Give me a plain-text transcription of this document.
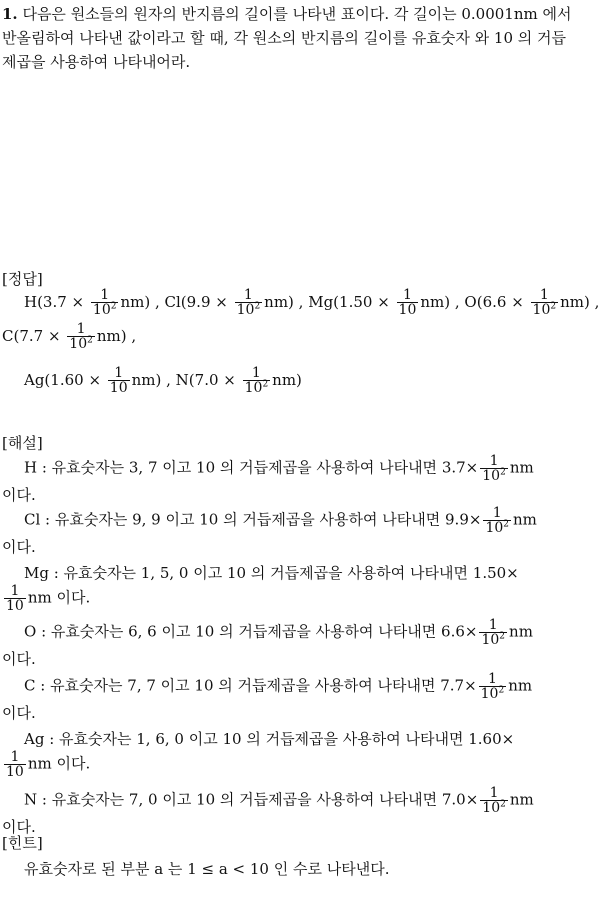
1. 다음은 원소들의 원자의 반지름의 길이를 나타낸 표이다. 각 길이는 0.0001nm 에서 반올림하여 나타낸 값이라고 할 때, 각 원소의 반지름의 길이를 유효숫자 와 10 의 거듭제곱을 사용하여 나타내어라.
[정답]
$H(3.7 \times \frac{1}{10^2} nm)$ , $Cl(9.9 \times \frac{1}{10^2} nm)$ , $Mg(1.50 \times \frac{1}{10} nm)$ , $O(6.6 \times \frac{1}{10^2} nm)$ ,
$C(7.7 \times \frac{1}{10^2} nm)$ ,
$Ag(1.60 \times \frac{1}{10} nm)$ , $N(7.0 \times \frac{1}{10^2} nm)$
[해설]
H : 유효숫자는 3, 7 이고 10 의 거듭제곱을 사용하여 나타내면 $3.7\times \frac{1}{10^2}$ nm
이다.
Cl : 유효숫자는 9, 9 이고 10 의 거듭제곱을 사용하여 나타내면 $9.9\times \frac{1}{10^2}$ nm
이다.
Mg : 유효숫자는 1, 5, 0 이고 10 의 거듭제곱을 사용하여 나타내면 1.50×
$\frac{1}{10}$ nm 이다.
O : 유효숫자는 6, 6 이고 10 의 거듭제곱을 사용하여 나타내면 $6.6\times \frac{1}{10^2}$ nm
이다.
C : 유효숫자는 7, 7 이고 10 의 거듭제곱을 사용하여 나타내면 $7.7\times \frac{1}{10^2}$ nm
이다.
Ag : 유효숫자는 1, 6, 0 이고 10 의 거듭제곱을 사용하여 나타내면 1.60×
$\frac{1}{10}$ nm 이다.
N : 유효숫자는 7, 0 이고 10 의 거듭제곱을 사용하여 나타내면 $7.0\times \frac{1}{10^2}$ nm
이다.
[힌트]
유효숫자로 된 부분 a 는 1 ≤ a < 10 인 수로 나타낸다.
